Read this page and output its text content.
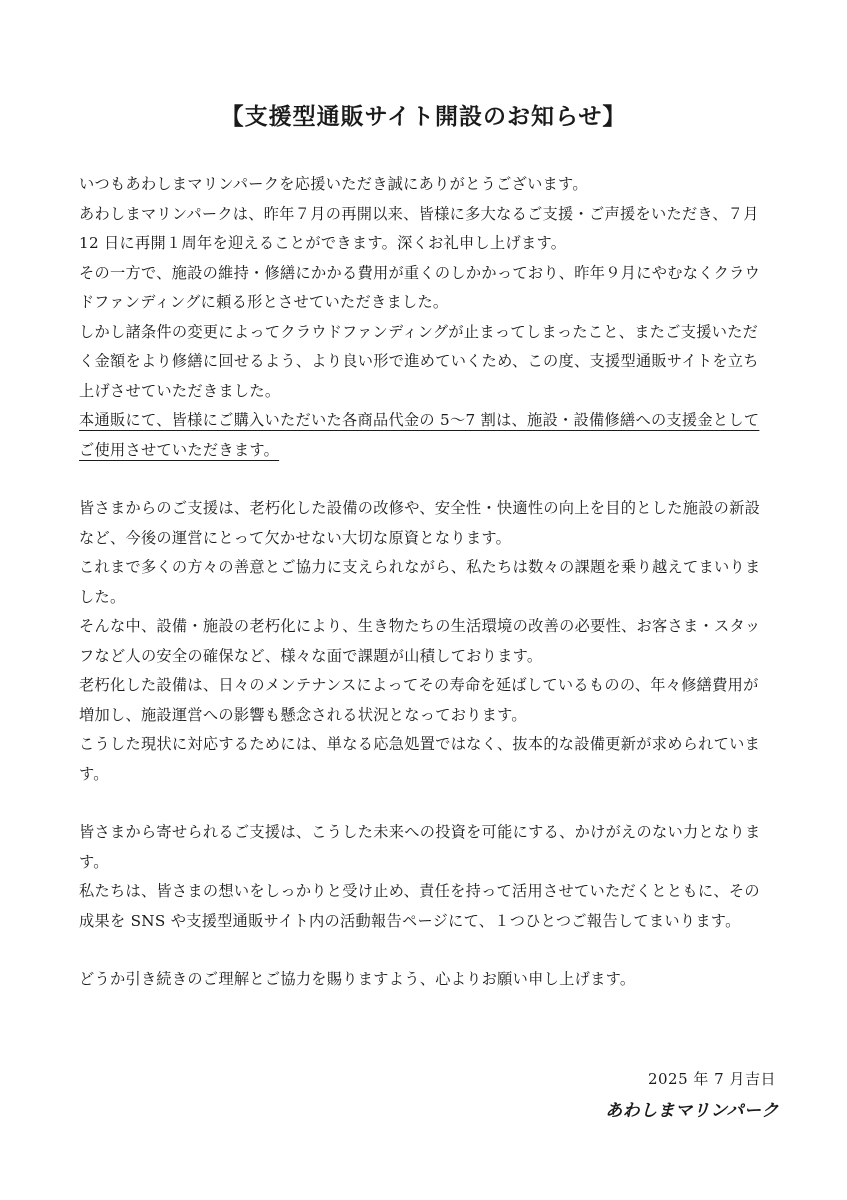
【支援型通販サイト開設のお知らせ】

いつもあわしまマリンパークを応援いただき誠にありがとうございます。

あわしまマリンパークは、昨年７月の再開以来、皆様に多大なるご支援・ご声援をいただき、７月
12 日に再開１周年を迎えることができます。深くお礼申し上げます。

その一方で、施設の維持・修繕にかかる費用が重くのしかかっており、昨年９月にやむなくクラウ
ドファンディングに頼る形とさせていただきました。

しかし諸条件の変更によってクラウドファンディングが止まってしまったこと、またご支援いただ
く金額をより修繕に回せるよう、より良い形で進めていくため、この度、支援型通販サイトを立ち
上げさせていただきました。

本通販にて、皆様にご購入いただいた各商品代金の 5〜7 割は、施設・設備修繕への支援金として
ご使用させていただきます。

皆さまからのご支援は、老朽化した設備の改修や、安全性・快適性の向上を目的とした施設の新設
など、今後の運営にとって欠かせない大切な原資となります。

これまで多くの方々の善意とご協力に支えられながら、私たちは数々の課題を乗り越えてまいりま
した。

そんな中、設備・施設の老朽化により、生き物たちの生活環境の改善の必要性、お客さま・スタッ
フなど人の安全の確保など、様々な面で課題が山積しております。

老朽化した設備は、日々のメンテナンスによってその寿命を延ばしているものの、年々修繕費用が
増加し、施設運営への影響も懸念される状況となっております。

こうした現状に対応するためには、単なる応急処置ではなく、抜本的な設備更新が求められていま
す。

皆さまから寄せられるご支援は、こうした未来への投資を可能にする、かけがえのない力となりま
す。

私たちは、皆さまの想いをしっかりと受け止め、責任を持って活用させていただくとともに、その
成果を SNS や支援型通販サイト内の活動報告ページにて、１つひとつご報告してまいります。

どうか引き続きのご理解とご協力を賜りますよう、心よりお願い申し上げます。

2025 年 7 月吉日
あわしまマリンパーク
